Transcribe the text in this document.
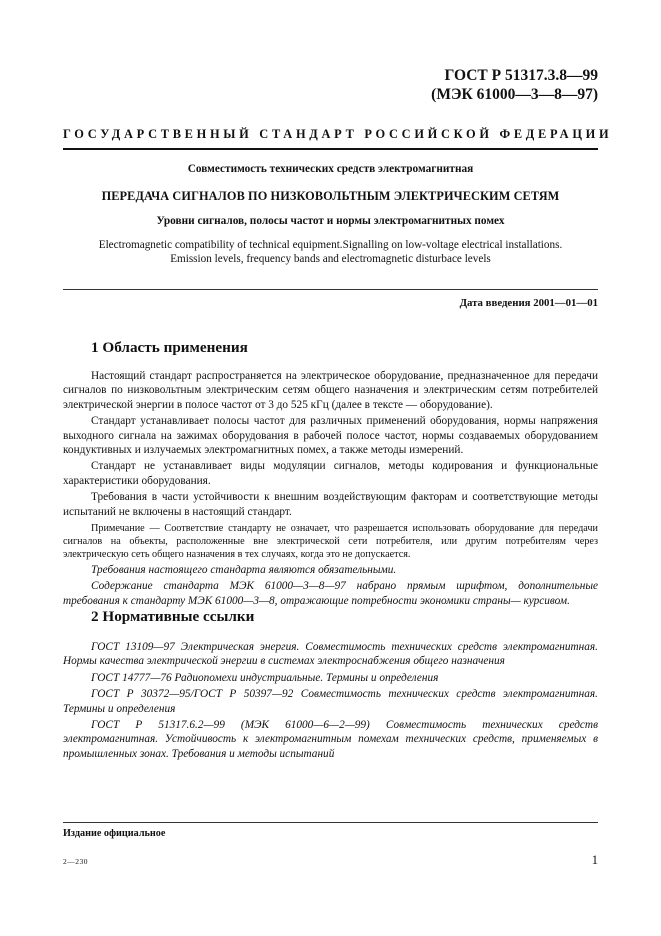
ГОСТ Р 51317.3.8—99
(МЭК 61000—3—8—97)
ГОСУДАРСТВЕННЫЙ СТАНДАРТ РОССИЙСКОЙ ФЕДЕРАЦИИ
Совместимость технических средств электромагнитная
ПЕРЕДАЧА СИГНАЛОВ ПО НИЗКОВОЛЬТНЫМ ЭЛЕКТРИЧЕСКИМ СЕТЯМ
Уровни сигналов, полосы частот и нормы электромагнитных помех
Electromagnetic compatibility of technical equipment.Signalling on low-voltage electrical installations.
Emission levels, frequency bands and electromagnetic disturbace levels
Дата введения 2001—01—01
1 Область применения

Настоящий стандарт распространяется на электрическое оборудование, предназначенное для передачи сигналов по низковольтным электрическим сетям общего назначения и электрическим сетям потребителей электрической энергии в полосе частот от 3 до 525 кГц (далее в тексте — оборудование).

Стандарт устанавливает полосы частот для различных применений оборудования, нормы напряжения выходного сигнала на зажимах оборудования в рабочей полосе частот, нормы создаваемых оборудованием кондуктивных и излучаемых электромагнитных помех, а также методы измерений.

Стандарт не устанавливает виды модуляции сигналов, методы кодирования и функциональные характеристики оборудования.

Требования в части устойчивости к внешним воздействующим факторам и соответствующие методы испытаний не включены в настоящий стандарт.

Примечание — Соответствие стандарту не означает, что разрешается использовать оборудование для передачи сигналов на объекты, расположенные вне электрической сети потребителя, или другим потребителям через электрическую сеть общего назначения в тех случаях, когда это не допускается.

Требования настоящего стандарта являются обязательными.

Содержание стандарта МЭК 61000—3—8—97 набрано прямым шрифтом, дополнительные требования к стандарту МЭК 61000—3—8, отражающие потребности экономики страны— курсивом.

2 Нормативные ссылки

ГОСТ 13109—97 Электрическая энергия. Совместимость технических средств электромагнитная. Нормы качества электрической энергии в системах электроснабжения общего назначения

ГОСТ 14777—76 Радиопомехи индустриальные. Термины и определения

ГОСТ Р 30372—95/ГОСТ Р 50397—92 Совместимость технических средств электромагнитная. Термины и определения

ГОСТ Р 51317.6.2—99 (МЭК 61000—6—2—99) Совместимость технических средств электромагнитная. Устойчивость к электромагнитным помехам технических средств, применяемых в промышленных зонах. Требования и методы испытаний

Издание официальное
2—230	1
